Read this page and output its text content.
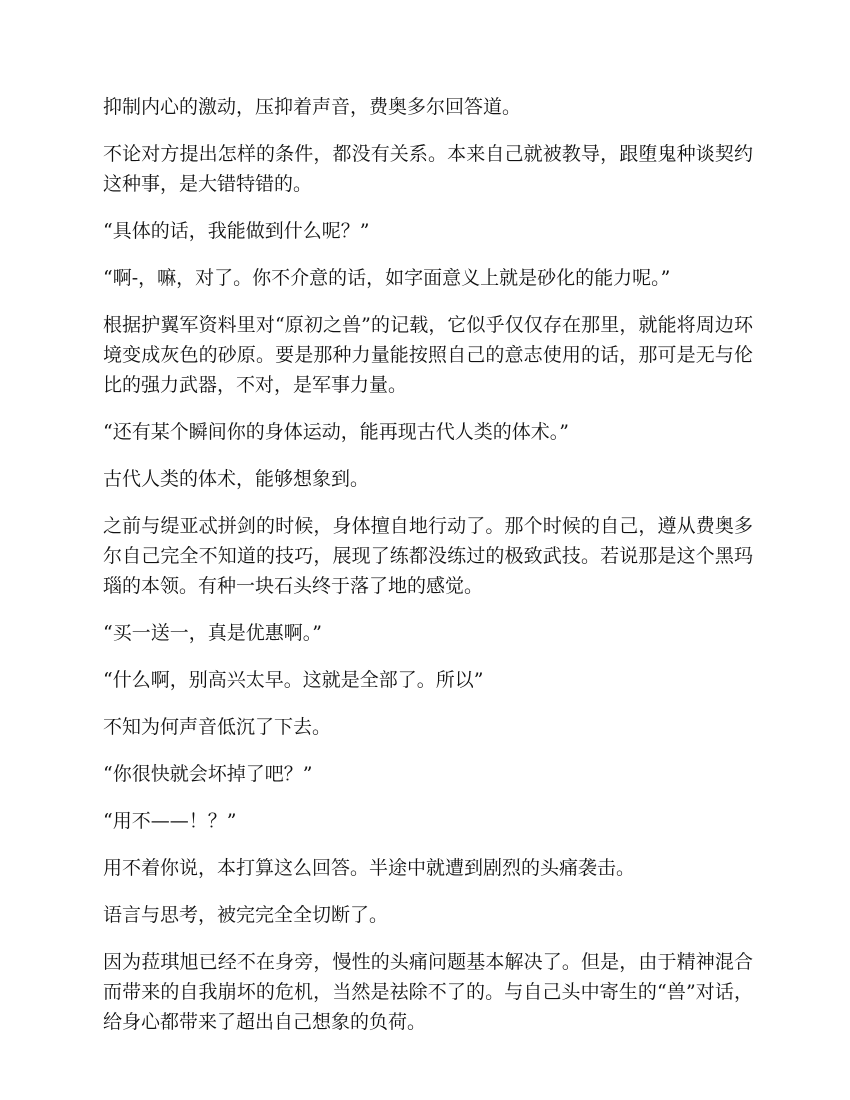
抑制内心的激动，压抑着声音，费奥多尔回答道。

不论对方提出怎样的条件，都没有关系。本来自己就被教导，跟堕鬼种谈契约这种事，是大错特错的。

“具体的话，我能做到什么呢？”

“啊-，嘛，对了。你不介意的话，如字面意义上就是砂化的能力呢。”

根据护翼军资料里对“原初之兽”的记载，它似乎仅仅存在那里，就能将周边环境变成灰色的砂原。要是那种力量能按照自己的意志使用的话，那可是无与伦比的强力武器，不对，是军事力量。

“还有某个瞬间你的身体运动，能再现古代人类的体术。”

古代人类的体术，能够想象到。

之前与缇亚忒拼剑的时候，身体擅自地行动了。那个时候的自己，遵从费奥多尔自己完全不知道的技巧，展现了练都没练过的极致武技。若说那是这个黑玛瑙的本领。有种一块石头终于落了地的感觉。

“买一送一，真是优惠啊。”

“什么啊，别高兴太早。这就是全部了。所以”

不知为何声音低沉了下去。

“你很快就会坏掉了吧？”

“用不——！？”

用不着你说，本打算这么回答。半途中就遭到剧烈的头痛袭击。

语言与思考，被完完全全切断了。

因为菈琪旭已经不在身旁，慢性的头痛问题基本解决了。但是，由于精神混合而带来的自我崩坏的危机，当然是祛除不了的。与自己头中寄生的“兽”对话，给身心都带来了超出自己想象的负荷。
